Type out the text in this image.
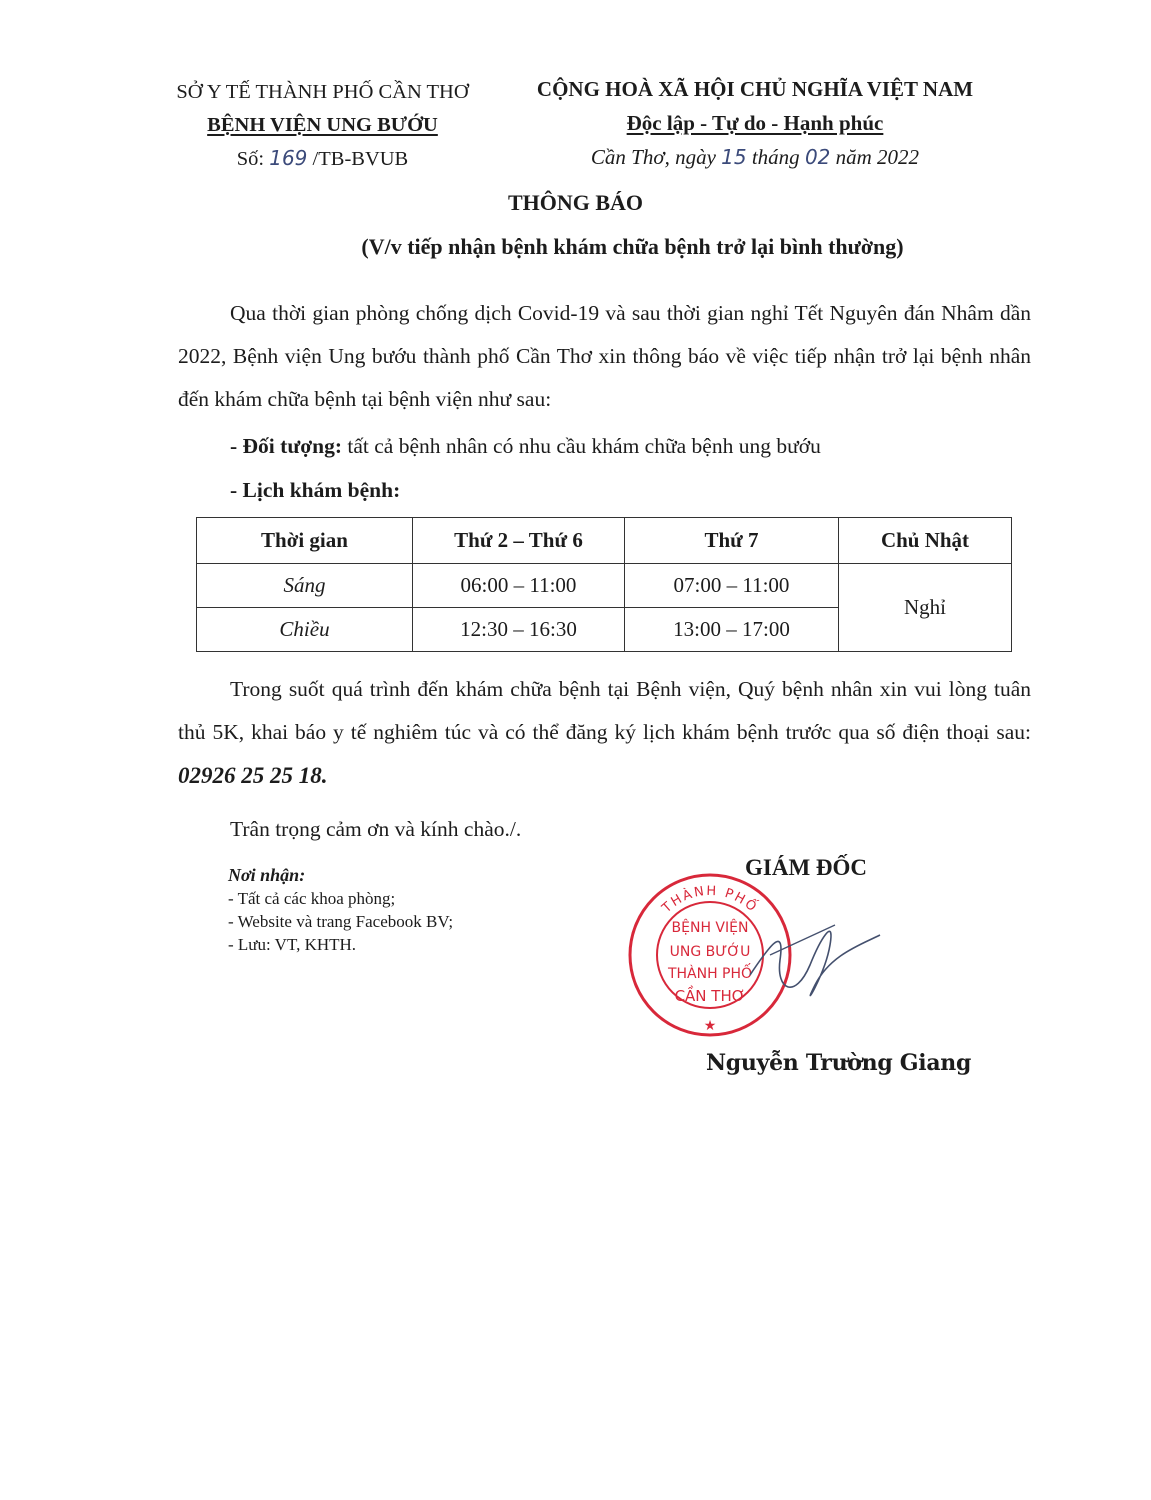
SỞ Y TẾ THÀNH PHỐ CẦN THƠ
BỆNH VIỆN UNG BƯỚU
Số: 169 /TB-BVUB
CỘNG HOÀ XÃ HỘI CHỦ NGHĨA VIỆT NAM
Độc lập - Tự do - Hạnh phúc
Cần Thơ, ngày 15 tháng 02 năm 2022
THÔNG BÁO
(V/v tiếp nhận bệnh khám chữa bệnh trở lại bình thường)
Qua thời gian phòng chống dịch Covid-19 và sau thời gian nghỉ Tết Nguyên đán Nhâm dần 2022, Bệnh viện Ung bướu thành phố Cần Thơ xin thông báo về việc tiếp nhận trở lại bệnh nhân đến khám chữa bệnh tại bệnh viện như sau:
- Đối tượng: tất cả bệnh nhân có nhu cầu khám chữa bệnh ung bướu
- Lịch khám bệnh:
Thời gian	Thứ 2 – Thứ 6	Thứ 7	Chủ Nhật
Sáng	06:00 – 11:00	07:00 – 11:00	Nghỉ
Chiều	12:30 – 16:30	13:00 – 17:00	
Trong suốt quá trình đến khám chữa bệnh tại Bệnh viện, Quý bệnh nhân xin vui lòng tuân thủ 5K, khai báo y tế nghiêm túc và có thể đăng ký lịch khám bệnh trước qua số điện thoại sau: 02926 25 25 18.
Trân trọng cảm ơn và kính chào./.
Nơi nhận:
- Tất cả các khoa phòng;
- Website và trang Facebook BV;
- Lưu: VT, KHTH.
GIÁM ĐỐC
THÀNH PHỐ
BỆNH VIỆN
UNG BƯỚU
THÀNH PHỐ
CẦN THƠ
★
Nguyễn Trường Giang
